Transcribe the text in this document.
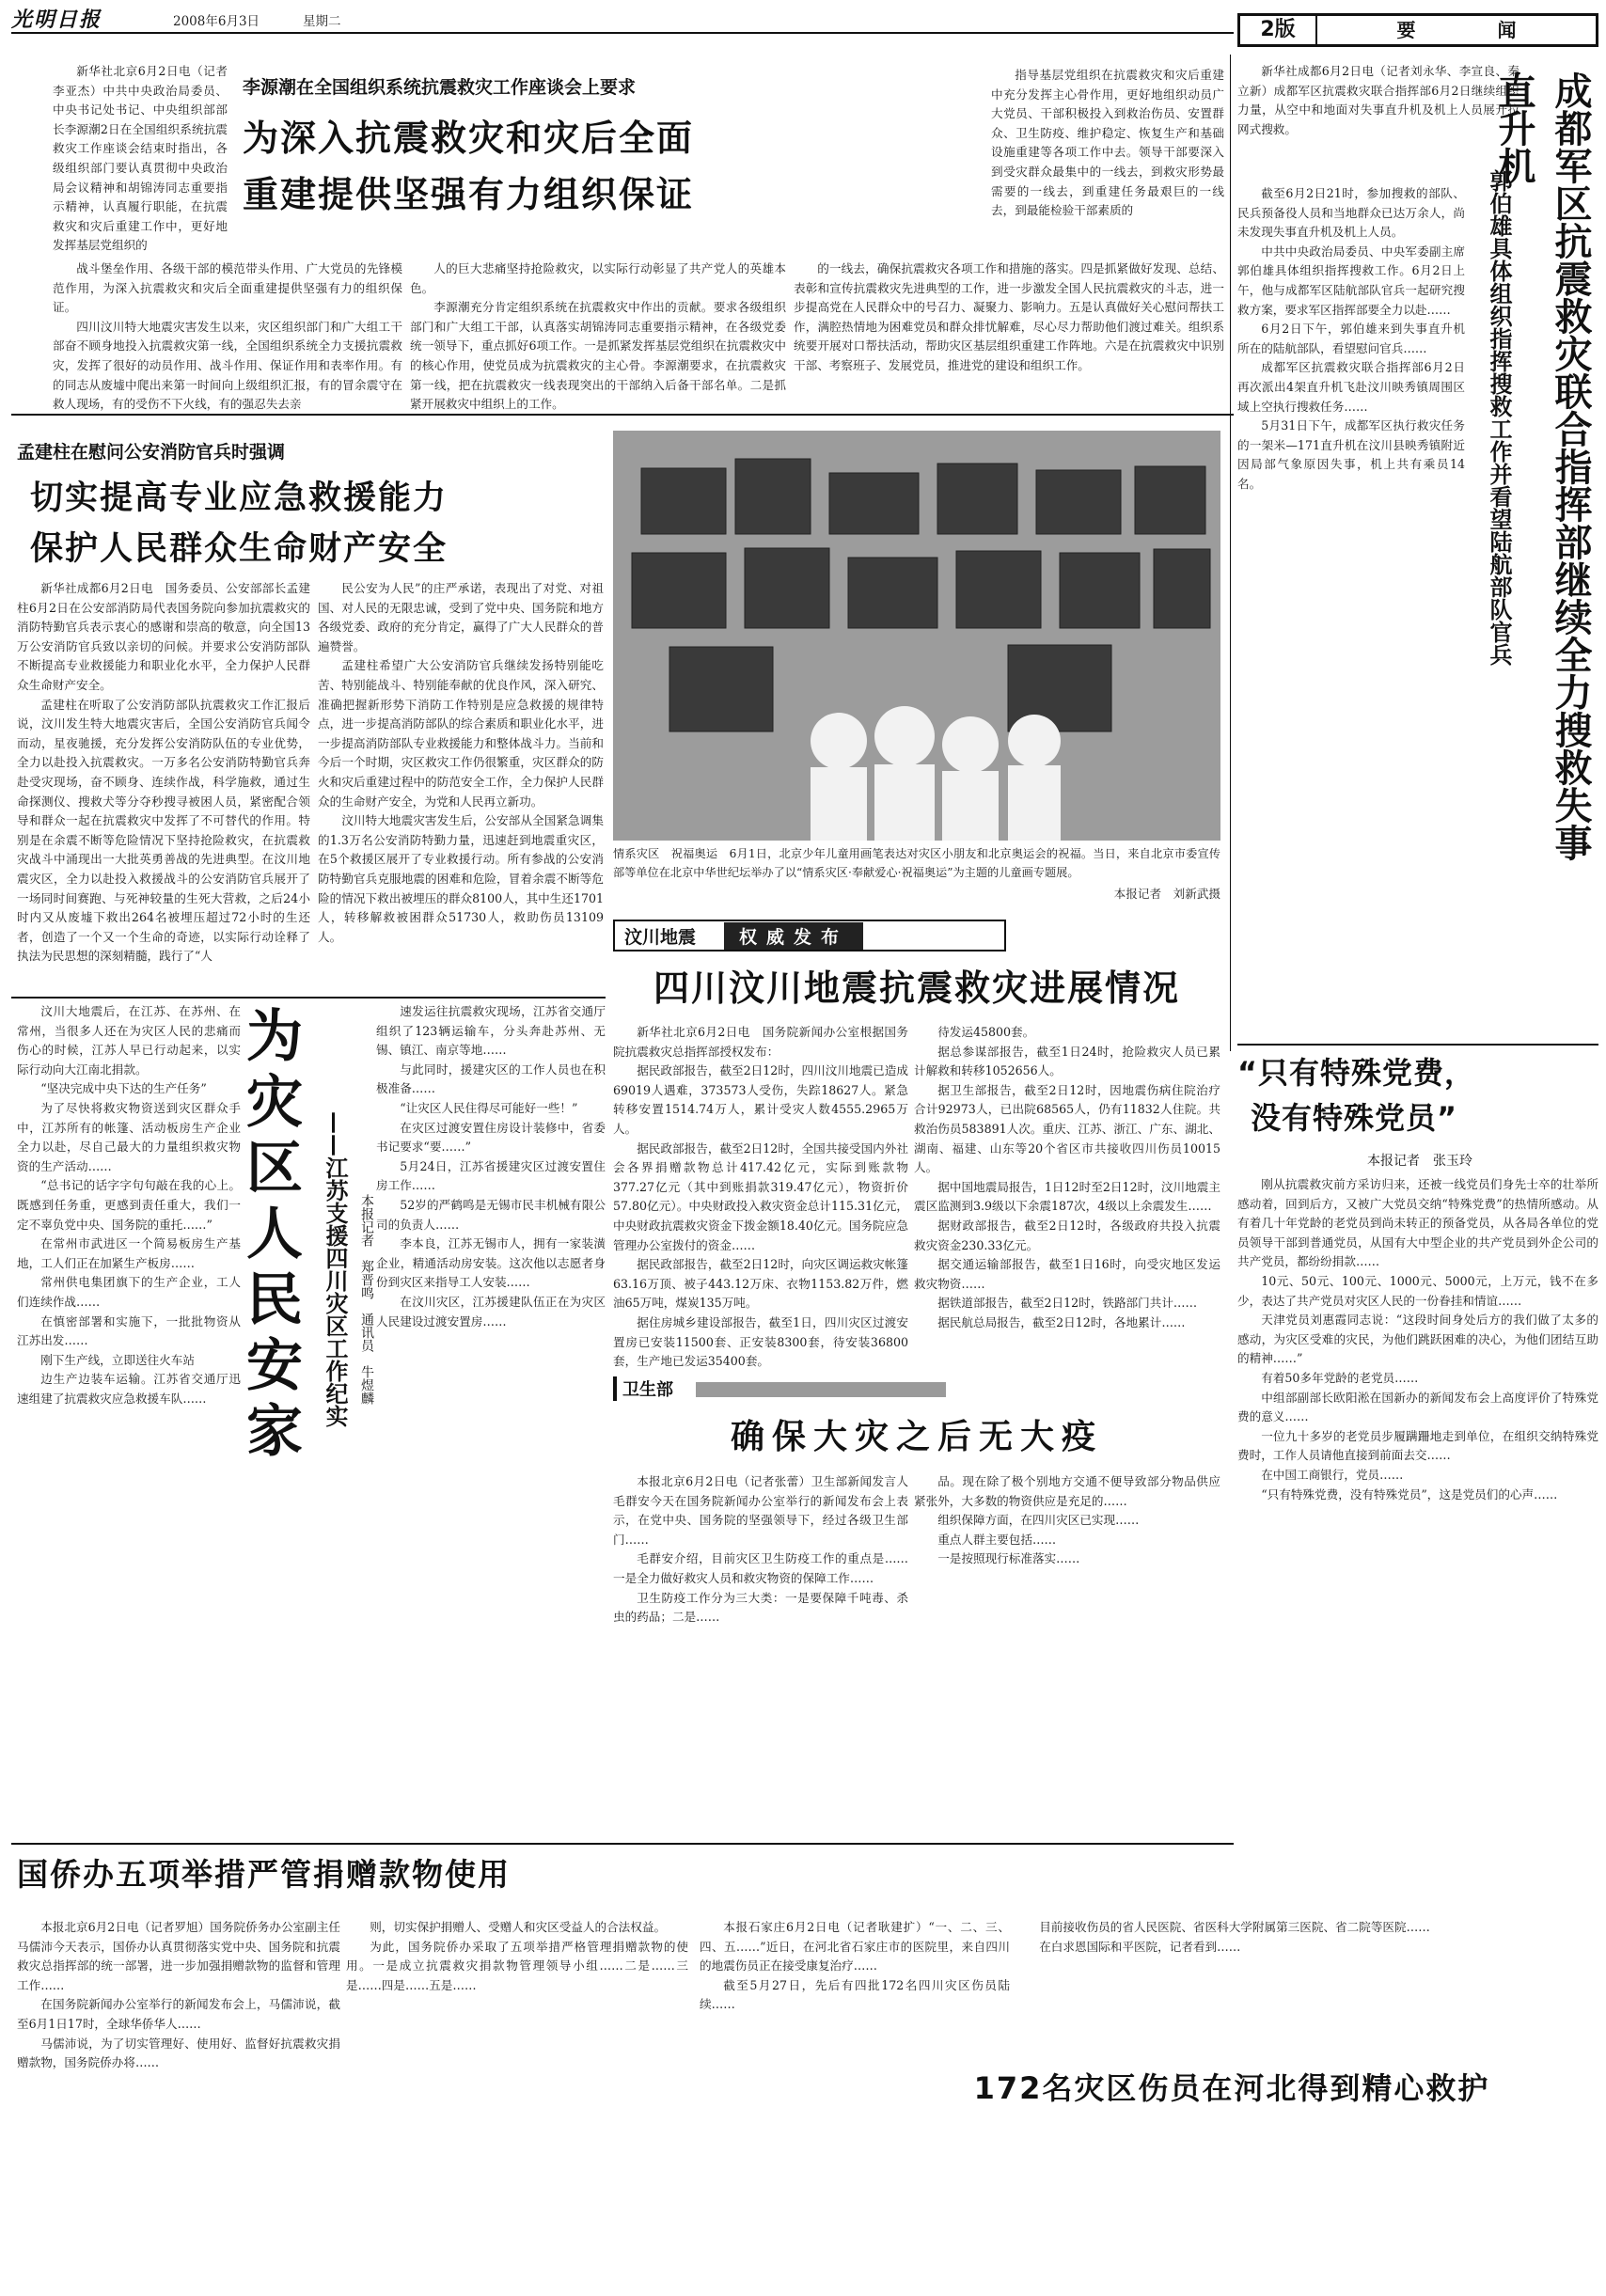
光明日报	2008年6月3日	星期二	2版	要 闻
新华社北京6月2日电（记者李亚杰）中共中央政治局委员、中央书记处书记、中央组织部部长李源潮2日在全国组织系统抗震救灾工作座谈会结束时指出，各级组织部门要认真贯彻中央政治局会议精神和胡锦涛同志重要指示精神，认真履行职能，在抗震救灾和灾后重建工作中，更好地发挥基层党组织的
李源潮在全国组织系统抗震救灾工作座谈会上要求
为深入抗震救灾和灾后全面
重建提供坚强有力组织保证
指导基层党组织在抗震救灾和灾后重建中充分发挥主心骨作用，更好地组织动员广大党员、干部积极投入到救治伤员、安置群众、卫生防疫、维护稳定、恢复生产和基础设施重建等各项工作中去。领导干部要深入到受灾群众最集中的一线去，到救灾形势最需要的一线去，到重建任务最艰巨的一线去，到最能检验干部素质的
战斗堡垒作用、各级干部的模范带头作用、广大党员的先锋模范作用，为深入抗震救灾和灾后全面重建提供坚强有力的组织保证。
四川汶川特大地震灾害发生以来，灾区组织部门和广大组工干部奋不顾身地投入抗震救灾第一线，全国组织系统全力支援抗震救灾，发挥了很好的动员作用、战斗作用、保证作用和表率作用。有的同志从废墟中爬出来第一时间向上级组织汇报，有的冒余震守在救人现场，有的受伤不下火线，有的强忍失去亲
人的巨大悲痛坚持抢险救灾，以实际行动彰显了共产党人的英雄本色。
李源潮充分肯定组织系统在抗震救灾中作出的贡献。要求各级组织部门和广大组工干部，认真落实胡锦涛同志重要指示精神，在各级党委统一领导下，重点抓好6项工作。一是抓紧发挥基层党组织在抗震救灾中的核心作用，使党员成为抗震救灾的主心骨。李源潮要求，在抗震救灾第一线，把在抗震救灾一线表现突出的干部纳入后备干部名单。二是抓紧开展救灾中组织上的工作。
的一线去，确保抗震救灾各项工作和措施的落实。四是抓紧做好发现、总结、表彰和宣传抗震救灾先进典型的工作，进一步激发全国人民抗震救灾的斗志，进一步提高党在人民群众中的号召力、凝聚力、影响力。五是认真做好关心慰问帮扶工作，满腔热情地为困难党员和群众排忧解难，尽心尽力帮助他们渡过难关。组织系统要开展对口帮扶活动，帮助灾区基层组织重建工作阵地。六是在抗震救灾中识别干部、考察班子、发展党员，推进党的建设和组织工作。
孟建柱在慰问公安消防官兵时强调
切实提高专业应急救援能力
保护人民群众生命财产安全
新华社成都6月2日电　国务委员、公安部部长孟建柱6月2日在公安部消防局代表国务院向参加抗震救灾的消防特勤官兵表示衷心的感谢和崇高的敬意，向全国13万公安消防官兵致以亲切的问候。并要求公安消防部队不断提高专业救援能力和职业化水平，全力保护人民群众生命财产安全。
孟建柱在听取了公安消防部队抗震救灾工作汇报后说，汶川发生特大地震灾害后，全国公安消防官兵闻令而动，星夜驰援，充分发挥公安消防队伍的专业优势，全力以赴投入抗震救灾。一万多名公安消防特勤官兵奔赴受灾现场，奋不顾身、连续作战，科学施救，通过生命探测仪、搜救犬等分夺秒搜寻被困人员，紧密配合领导和群众一起在抗震救灾中发挥了不可替代的作用。特别是在余震不断等危险情况下坚持抢险救灾，在抗震救灾战斗中涌现出一大批英勇善战的先进典型。在汶川地震灾区，全力以赴投入救援战斗的公安消防官兵展开了一场同时间赛跑、与死神较量的生死大营救，之后24小时内又从废墟下救出264名被埋压超过72小时的生还者，创造了一个又一个生命的奇迹，以实际行动诠释了执法为民思想的深刻精髓，践行了“人
民公安为人民”的庄严承诺，表现出了对党、对祖国、对人民的无限忠诚，受到了党中央、国务院和地方各级党委、政府的充分肯定，赢得了广大人民群众的普遍赞誉。
孟建柱希望广大公安消防官兵继续发扬特别能吃苦、特别能战斗、特别能奉献的优良作风，深入研究、准确把握新形势下消防工作特别是应急救援的规律特点，进一步提高消防部队的综合素质和职业化水平，进一步提高消防部队专业救援能力和整体战斗力。当前和今后一个时期，灾区救灾工作仍很繁重，灾区群众的防火和灾后重建过程中的防范安全工作，全力保护人民群众的生命财产安全，为党和人民再立新功。
汶川特大地震灾害发生后，公安部从全国紧急调集的1.3万名公安消防特勤力量，迅速赶到地震重灾区，在5个救援区展开了专业救援行动。所有参战的公安消防特勤官兵克服地震的困难和危险，冒着余震不断等危险的情况下救出被埋压的群众8100人，其中生还1701人，转移解救被困群众51730人，救助伤员13109人。
情系灾区　祝福奥运　6月1日，北京少年儿童用画笔表达对灾区小朋友和北京奥运会的祝福。当日，来自北京市委宣传部等单位在北京中华世纪坛举办了以“情系灾区·奉献爱心·祝福奥运”为主题的儿童画专题展。
本报记者　刘新武摄
汶川地震	权威发布
四川汶川地震抗震救灾进展情况
新华社北京6月2日电　国务院新闻办公室根据国务院抗震救灾总指挥部授权发布：
据民政部报告，截至2日12时，四川汶川地震已造成69019人遇难，373573人受伤，失踪18627人。紧急转移安置1514.74万人，累计受灾人数4555.2965万人。
据民政部报告，截至2日12时，全国共接受国内外社会各界捐赠款物总计417.42亿元，实际到账款物377.27亿元（其中到账捐款319.47亿元），物资折价57.80亿元）。中央财政投入救灾资金总计115.31亿元，中央财政抗震救灾资金下拨金额18.40亿元。国务院应急管理办公室拨付的资金……
据民政部报告，截至2日12时，向灾区调运救灾帐篷63.16万顶、被子443.12万床、衣物1153.82万件，燃油65万吨，煤炭135万吨。
据住房城乡建设部报告，截至1日，四川灾区过渡安置房已安装11500套、正安装8300套，待安装36800套，生产地已发运35400套。
待发运45800套。
据总参谋部报告，截至1日24时，抢险救灾人员已累计解救和转移1052656人。
据卫生部报告，截至2日12时，因地震伤病住院治疗合计92973人，已出院68565人，仍有11832人住院。共救治伤员583891人次。重庆、江苏、浙江、广东、湖北、湖南、福建、山东等20个省区市共接收四川伤员10015人。
据中国地震局报告，1日12时至2日12时，汶川地震主震区监测到3.9级以下余震187次，4级以上余震发生……
据财政部报告，截至2日12时，各级政府共投入抗震救灾资金230.33亿元。
据交通运输部报告，截至1日16时，向受灾地区发运救灾物资……
据铁道部报告，截至2日12时，铁路部门共计……
据民航总局报告，截至2日12时，各地累计……
汶川大地震后，在江苏、在苏州、在常州，当很多人还在为灾区人民的悲痛而伤心的时候，江苏人早已行动起来，以实际行动向大江南北捐款。
“坚决完成中央下达的生产任务”
为了尽快将救灾物资送到灾区群众手中，江苏所有的帐篷、活动板房生产企业全力以赴，尽自己最大的力量组织救灾物资的生产活动……
“总书记的话字字句句敲在我的心上。既感到任务重，更感到责任重大，我们一定不辜负党中央、国务院的重托……”
在常州市武进区一个简易板房生产基地，工人们正在加紧生产板房……
常州供电集团旗下的生产企业，工人们连续作战……
在慎密部署和实施下，一批批物资从江苏出发……
刚下生产线，立即送往火车站
边生产边装车运输。江苏省交通厅迅速组建了抗震救灾应急救援车队…… 为灾区人民安家 ——江苏支援四川灾区工作纪实 本报记者　郑晋鸣　通讯员　牛煜麟
速发运往抗震救灾现场，江苏省交通厅组织了123辆运输车，分头奔赴苏州、无锡、镇江、南京等地……
与此同时，援建灾区的工作人员也在积极准备……
“让灾区人民住得尽可能好一些！”
在灾区过渡安置住房设计装修中，省委书记要求“要……”
5月24日，江苏省援建灾区过渡安置住房工作……
52岁的严鹤鸣是无锡市民丰机械有限公司的负责人……
李本良，江苏无锡市人，拥有一家装潢企业，精通活动房安装。这次他以志愿者身份到灾区来指导工人安装……
在汶川灾区，江苏援建队伍正在为灾区人民建设过渡安置房……
卫生部
确保大灾之后无大疫
本报北京6月2日电（记者张蕾）卫生部新闻发言人毛群安今天在国务院新闻办公室举行的新闻发布会上表示，在党中央、国务院的坚强领导下，经过各级卫生部门……
毛群安介绍，目前灾区卫生防疫工作的重点是……一是全力做好救灾人员和救灾物资的保障工作……
卫生防疫工作分为三大类：一是要保障千吨毒、杀虫的药品；二是……
品。现在除了极个别地方交通不便导致部分物品供应紧张外，大多数的物资供应是充足的……
组织保障方面，在四川灾区已实现……
重点人群主要包括……
一是按照现行标准落实……
国侨办五项举措严管捐赠款物使用
本报北京6月2日电（记者罗旭）国务院侨务办公室副主任马儒沛今天表示，国侨办认真贯彻落实党中央、国务院和抗震救灾总指挥部的统一部署，进一步加强捐赠款物的监督和管理工作……
在国务院新闻办公室举行的新闻发布会上，马儒沛说，截至6月1日17时，全球华侨华人……
马儒沛说，为了切实管理好、使用好、监督好抗震救灾捐赠款物，国务院侨办将……
则，切实保护捐赠人、受赠人和灾区受益人的合法权益。
为此，国务院侨办采取了五项举措严格管理捐赠款物的使用。一是成立抗震救灾捐款物管理领导小组……二是……三是……四是……五是……
本报石家庄6月2日电（记者耿建扩）“一、二、三、四、五……”近日，在河北省石家庄市的医院里，来自四川的地震伤员正在接受康复治疗……
截至5月27日，先后有四批172名四川灾区伤员陆续……
目前接收伤员的省人民医院、省医科大学附属第三医院、省二院等医院……
在白求恩国际和平医院，记者看到……
172名灾区伤员在河北得到精心救护
新华社成都6月2日电（记者刘永华、李宣良、秦立新）成都军区抗震救灾联合指挥部6月2日继续组织力量，从空中和地面对失事直升机及机上人员展开拉网式搜救。	成都军区抗震救灾联合指挥部继续全力搜救失事直升机
郭伯雄具体组织指挥搜救工作并看望陆航部队官兵
截至6月2日21时，参加搜救的部队、民兵预备役人员和当地群众已达万余人，尚未发现失事直升机及机上人员。
中共中央政治局委员、中央军委副主席郭伯雄具体组织指挥搜救工作。6月2日上午，他与成都军区陆航部队官兵一起研究搜救方案，要求军区指挥部要全力以赴……
6月2日下午，郭伯雄来到失事直升机所在的陆航部队，看望慰问官兵……
成都军区抗震救灾联合指挥部6月2日再次派出4架直升机飞赴汶川映秀镇周围区域上空执行搜救任务……
5月31日下午，成都军区执行救灾任务的一架米—171直升机在汶川县映秀镇附近因局部气象原因失事，机上共有乘员14名。
“只有特殊党费，
没有特殊党员”
本报记者　张玉玲
刚从抗震救灾前方采访归来，还被一线党员们身先士卒的壮举所感动着，回到后方，又被广大党员交纳“特殊党费”的热情所感动。从有着几十年党龄的老党员到尚未转正的预备党员，从各局各单位的党员领导干部到普通党员，从国有大中型企业的共产党员到外企公司的共产党员，都纷纷捐款……
10元、50元、100元、1000元、5000元，上万元，钱不在多少，表达了共产党员对灾区人民的一份眷挂和情谊……
天津党员刘惠霞同志说：“这段时间身处后方的我们做了太多的感动，为灾区受难的灾民，为他们跳跃困难的决心，为他们团结互助的精神……”
有着50多年党龄的老党员……
中组部副部长欧阳淞在国新办的新闻发布会上高度评价了特殊党费的意义……
一位九十多岁的老党员步履蹒跚地走到单位，在组织交纳特殊党费时，工作人员请他直接到前面去交……
在中国工商银行，党员……
“只有特殊党费，没有特殊党员”，这是党员们的心声……
